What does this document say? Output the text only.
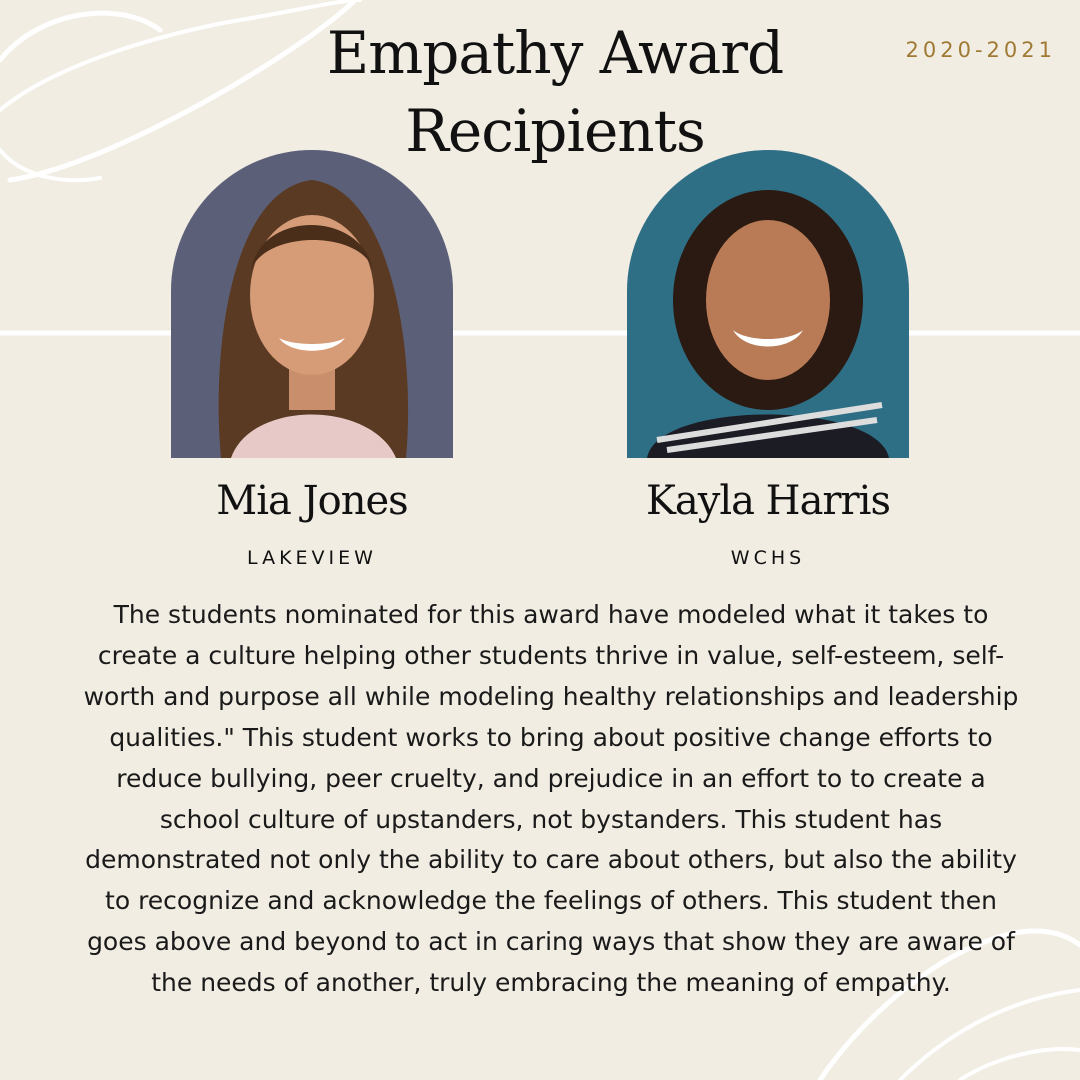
Empathy Award
Recipients
2020-2021
Mia Jones
LAKEVIEW
Kayla Harris
WCHS

The students nominated for this award have modeled what it takes to create a culture helping other students thrive in value, self-esteem, self-worth and purpose all while modeling healthy relationships and leadership qualities." This student works to bring about positive change efforts to reduce bullying, peer cruelty, and prejudice in an effort to to create a school culture of upstanders, not bystanders. This student has demonstrated not only the ability to care about others, but also the ability to recognize and acknowledge the feelings of others. This student then goes above and beyond to act in caring ways that show they are aware of the needs of another, truly embracing the meaning of empathy.
